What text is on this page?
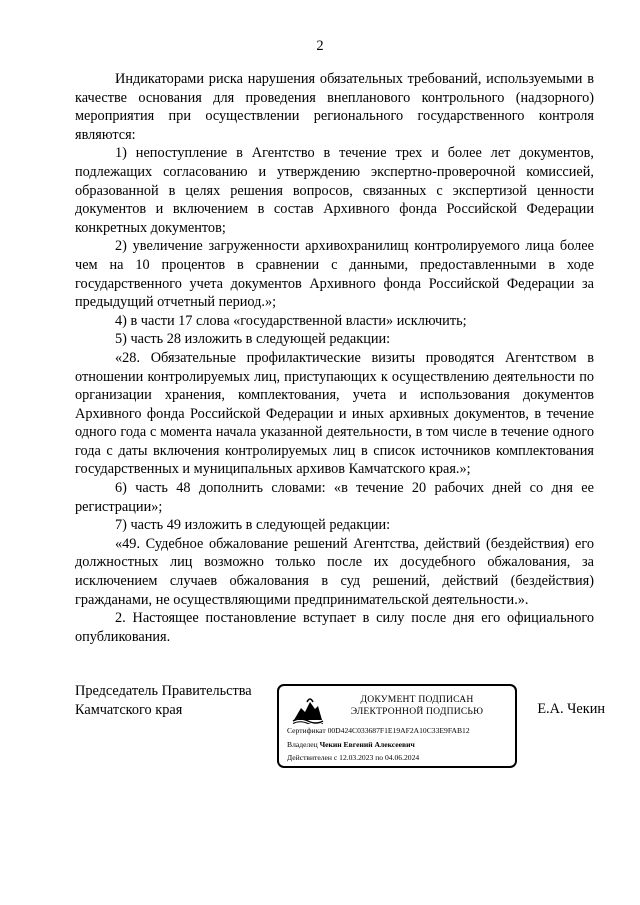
2

Индикаторами риска нарушения обязательных требований, используемыми в качестве основания для проведения внепланового контрольного (надзорного) мероприятия при осуществлении регионального государственного контроля являются:

1) непоступление в Агентство в течение трех и более лет документов, подлежащих согласованию и утверждению экспертно-проверочной комиссией, образованной в целях решения вопросов, связанных с экспертизой ценности документов и включением в состав Архивного фонда Российской Федерации конкретных документов;

2) увеличение загруженности архивохранилищ контролируемого лица более чем на 10 процентов в сравнении с данными, предоставленными в ходе государственного учета документов Архивного фонда Российской Федерации за предыдущий отчетный период.»;

4) в части 17 слова «государственной власти» исключить;

5) часть 28 изложить в следующей редакции:

«28. Обязательные профилактические визиты проводятся Агентством в отношении контролируемых лиц, приступающих к осуществлению деятельности по организации хранения, комплектования, учета и использования документов Архивного фонда Российской Федерации и иных архивных документов, в течение одного года с момента начала указанной деятельности, в том числе в течение одного года с даты включения контролируемых лиц в список источников комплектования государственных и муниципальных архивов Камчатского края.»;

6) часть 48 дополнить словами: «в течение 20 рабочих дней со дня ее регистрации»;

7) часть 49 изложить в следующей редакции:

«49. Судебное обжалование решений Агентства, действий (бездействия) его должностных лиц возможно только после их досудебного обжалования, за исключением случаев обжалования в суд решений, действий (бездействия) гражданами, не осуществляющими предпринимательской деятельности.».

2. Настоящее постановление вступает в силу после дня его официального опубликования.

Председатель Правительства
Камчатского края
ДОКУМЕНТ ПОДПИСАН
ЭЛЕКТРОННОЙ ПОДПИСЬЮ
Сертификат 00D424C033687F1E19AF2A10C33E9FAB12
Владелец Чекин Евгений Алексеевич
Действителен с 12.03.2023 по 04.06.2024
Е.А. Чекин
